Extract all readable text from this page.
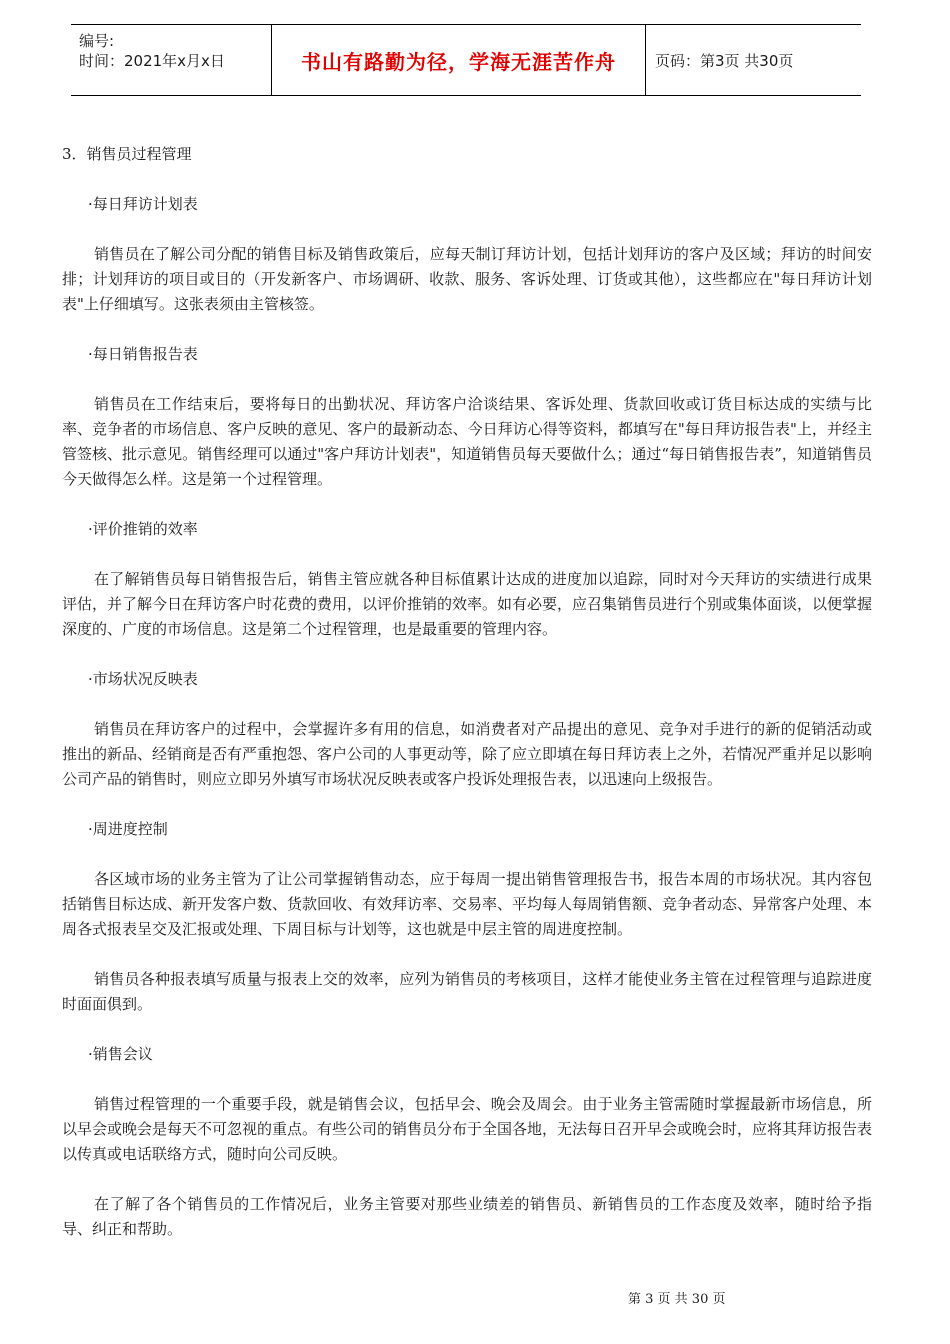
编号:
时间：2021年x月x日	书山有路勤为径，学海无涯苦作舟	页码：第3页 共30页

3．销售员过程管理

·每日拜访计划表

销售员在了解公司分配的销售目标及销售政策后，应每天制订拜访计划，包括计划拜访的客户及区域；拜访的时间安排；计划拜访的项目或目的（开发新客户、市场调研、收款、服务、客诉处理、订货或其他），这些都应在"每日拜访计划表"上仔细填写。这张表须由主管核签。

·每日销售报告表

销售员在工作结束后，要将每日的出勤状况、拜访客户洽谈结果、客诉处理、货款回收或订货目标达成的实绩与比率、竞争者的市场信息、客户反映的意见、客户的最新动态、今日拜访心得等资料，都填写在"每日拜访报告表"上，并经主管签核、批示意见。销售经理可以通过"客户拜访计划表"，知道销售员每天要做什么；通过“每日销售报告表”，知道销售员今天做得怎么样。这是第一个过程管理。

·评价推销的效率

在了解销售员每日销售报告后，销售主管应就各种目标值累计达成的进度加以追踪，同时对今天拜访的实绩进行成果评估，并了解今日在拜访客户时花费的费用，以评价推销的效率。如有必要，应召集销售员进行个别或集体面谈，以便掌握深度的、广度的市场信息。这是第二个过程管理，也是最重要的管理内容。

·市场状况反映表

销售员在拜访客户的过程中，会掌握许多有用的信息，如消费者对产品提出的意见、竞争对手进行的新的促销活动或推出的新品、经销商是否有严重抱怨、客户公司的人事更动等，除了应立即填在每日拜访表上之外，若情况严重并足以影响公司产品的销售时，则应立即另外填写市场状况反映表或客户投诉处理报告表，以迅速向上级报告。

·周进度控制

各区域市场的业务主管为了让公司掌握销售动态，应于每周一提出销售管理报告书，报告本周的市场状况。其内容包括销售目标达成、新开发客户数、货款回收、有效拜访率、交易率、平均每人每周销售额、竞争者动态、异常客户处理、本周各式报表呈交及汇报或处理、下周目标与计划等，这也就是中层主管的周进度控制。

销售员各种报表填写质量与报表上交的效率，应列为销售员的考核项目，这样才能使业务主管在过程管理与追踪进度时面面俱到。

·销售会议

销售过程管理的一个重要手段，就是销售会议，包括早会、晚会及周会。由于业务主管需随时掌握最新市场信息，所以早会或晚会是每天不可忽视的重点。有些公司的销售员分布于全国各地，无法每日召开早会或晚会时，应将其拜访报告表以传真或电话联络方式，随时向公司反映。

在了解了各个销售员的工作情况后，业务主管要对那些业绩差的销售员、新销售员的工作态度及效率，随时给予指导、纠正和帮助。

第 3 页 共 30 页
